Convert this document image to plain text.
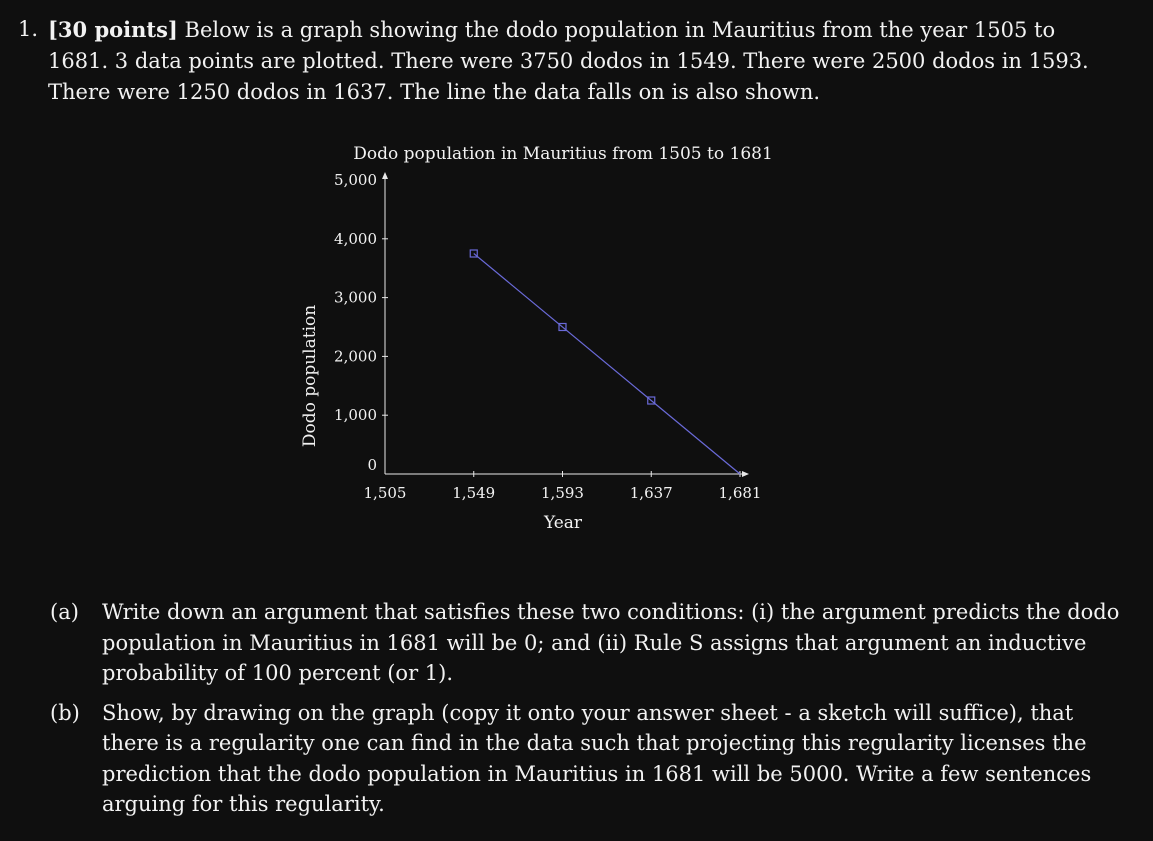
1. [30 points] Below is a graph showing the dodo population in Mauritius from the year 1505 to 1681. 3 data points are plotted. There were 3750 dodos in 1549. There were 2500 dodos in 1593. There were 1250 dodos in 1637. The line the data falls on is also shown.
Dodo population in Mauritius from 1505 to 1681
Dodo population
Year
0
1,000
2,000
3,000
4,000
5,000
1,505	1,549	1,593	1,637	1,681
(a)	Write down an argument that satisfies these two conditions: (i) the argument predicts the dodo population in Mauritius in 1681 will be 0; and (ii) Rule S assigns that argument an inductive probability of 100 percent (or 1).
(b)	Show, by drawing on the graph (copy it onto your answer sheet - a sketch will suffice), that there is a regularity one can find in the data such that projecting this regularity licenses the prediction that the dodo population in Mauritius in 1681 will be 5000. Write a few sentences arguing for this regularity.
